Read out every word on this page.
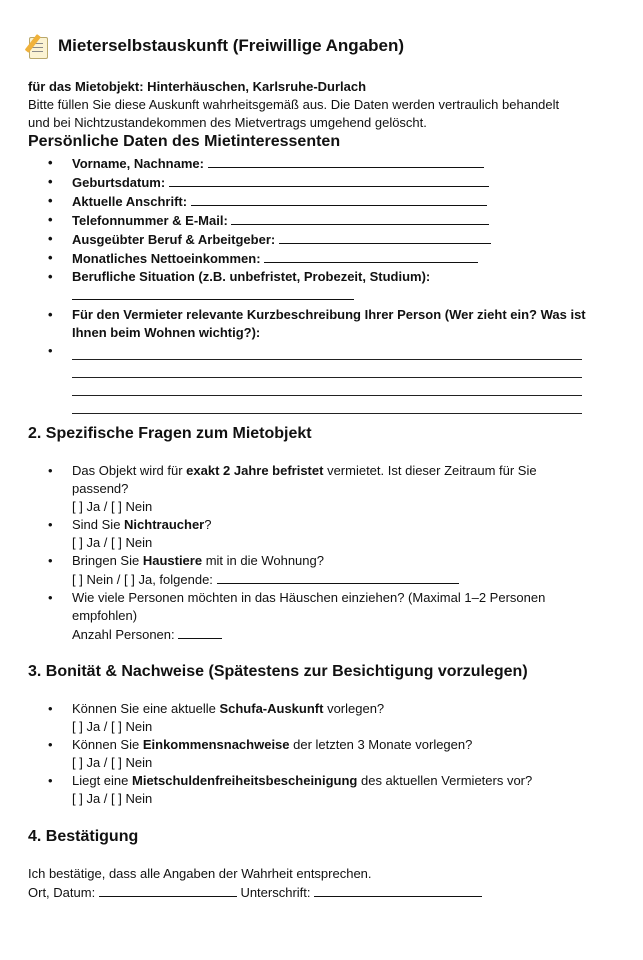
Mieterselbstauskunft (Freiwillige Angaben)
für das Mietobjekt: Hinterhäuschen, Karlsruhe-Durlach
Bitte füllen Sie diese Auskunft wahrheitsgemäß aus. Die Daten werden vertraulich behandelt
und bei Nichtzustandekommen des Mietvertrags umgehend gelöscht.
Persönliche Daten des Mietinteressenten
• Vorname, Nachname:
• Geburtsdatum:
• Aktuelle Anschrift:
• Telefonnummer & E-Mail:
• Ausgeübter Beruf & Arbeitgeber:
• Monatliches Nettoeinkommen:
• Berufliche Situation (z.B. unbefristet, Probezeit, Studium):
• Für den Vermieter relevante Kurzbeschreibung Ihrer Person (Wer zieht ein? Was ist
Ihnen beim Wohnen wichtig?):
•
2. Spezifische Fragen zum Mietobjekt
• Das Objekt wird für exakt 2 Jahre befristet vermietet. Ist dieser Zeitraum für Sie
passend?
[ ] Ja / [ ] Nein
• Sind Sie Nichtraucher?
[ ] Ja / [ ] Nein
• Bringen Sie Haustiere mit in die Wohnung?
[ ] Nein / [ ] Ja, folgende:
• Wie viele Personen möchten in das Häuschen einziehen? (Maximal 1–2 Personen
empfohlen)
Anzahl Personen:
3. Bonität & Nachweise (Spätestens zur Besichtigung vorzulegen)
• Können Sie eine aktuelle Schufa-Auskunft vorlegen?
[ ] Ja / [ ] Nein
• Können Sie Einkommensnachweise der letzten 3 Monate vorlegen?
[ ] Ja / [ ] Nein
• Liegt eine Mietschuldenfreiheitsbescheinigung des aktuellen Vermieters vor?
[ ] Ja / [ ] Nein
4. Bestätigung
Ich bestätige, dass alle Angaben der Wahrheit entsprechen.
Ort, Datum:	Unterschrift:
